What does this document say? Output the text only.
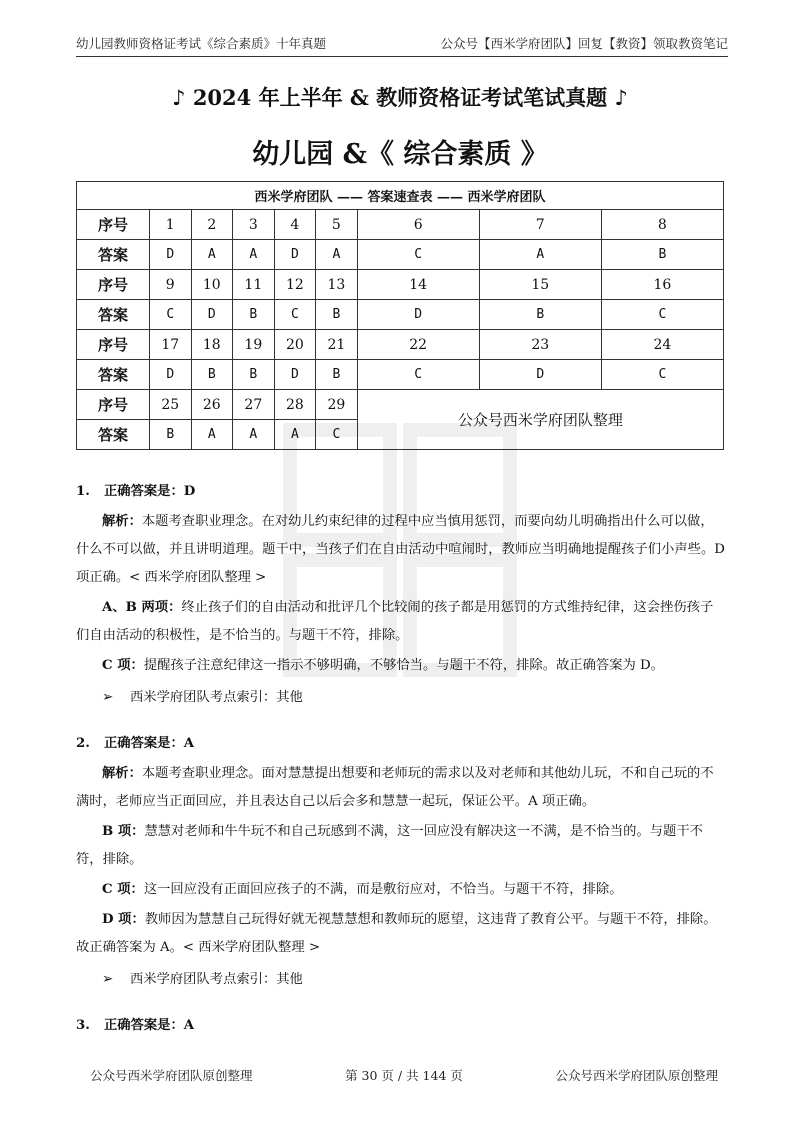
幼儿园教师资格证考试《综合素质》十年真题	公众号【西米学府团队】回复【教资】领取教资笔记
♪ 2024 年上半年 & 教师资格证考试笔试真题 ♪
幼儿园 &《 综合素质 》
西米学府团队 —— 答案速查表 —— 西米学府团队								
序号	1	2	3	4	5	6	7	8
答案	D	A	A	D	A	C	A	B
序号	9	10	11	12	13	14	15	16
答案	C	D	B	C	B	D	B	C
序号	17	18	19	20	21	22	23	24
答案	D	B	B	D	B	C	D	C
序号	25	26	27	28	29	公众号西米学府团队整理		
答案	B	A	A	A	C			
1. 正确答案是：D
解析：本题考查职业理念。在对幼儿约束纪律的过程中应当慎用惩罚，而要向幼儿明确指出什么可以做，什么不可以做，并且讲明道理。题干中，当孩子们在自由活动中喧闹时，教师应当明确地提醒孩子们小声些。D 项正确。< 西米学府团队整理 >
A、B 两项：终止孩子们的自由活动和批评几个比较闹的孩子都是用惩罚的方式维持纪律，这会挫伤孩子们自由活动的积极性，是不恰当的。与题干不符，排除。
C 项：提醒孩子注意纪律这一指示不够明确，不够恰当。与题干不符，排除。故正确答案为 D。
➢ 西米学府团队考点索引：其他
2. 正确答案是：A
解析：本题考查职业理念。面对慧慧提出想要和老师玩的需求以及对老师和其他幼儿玩，不和自己玩的不满时，老师应当正面回应，并且表达自己以后会多和慧慧一起玩，保证公平。A 项正确。
B 项：慧慧对老师和牛牛玩不和自己玩感到不满，这一回应没有解决这一不满，是不恰当的。与题干不符，排除。
C 项：这一回应没有正面回应孩子的不满，而是敷衍应对，不恰当。与题干不符，排除。
D 项：教师因为慧慧自己玩得好就无视慧慧想和教师玩的愿望，这违背了教育公平。与题干不符，排除。故正确答案为 A。< 西米学府团队整理 >
➢ 西米学府团队考点索引：其他
3. 正确答案是：A
公众号西米学府团队原创整理	第 30 页 / 共 144 页	公众号西米学府团队原创整理
